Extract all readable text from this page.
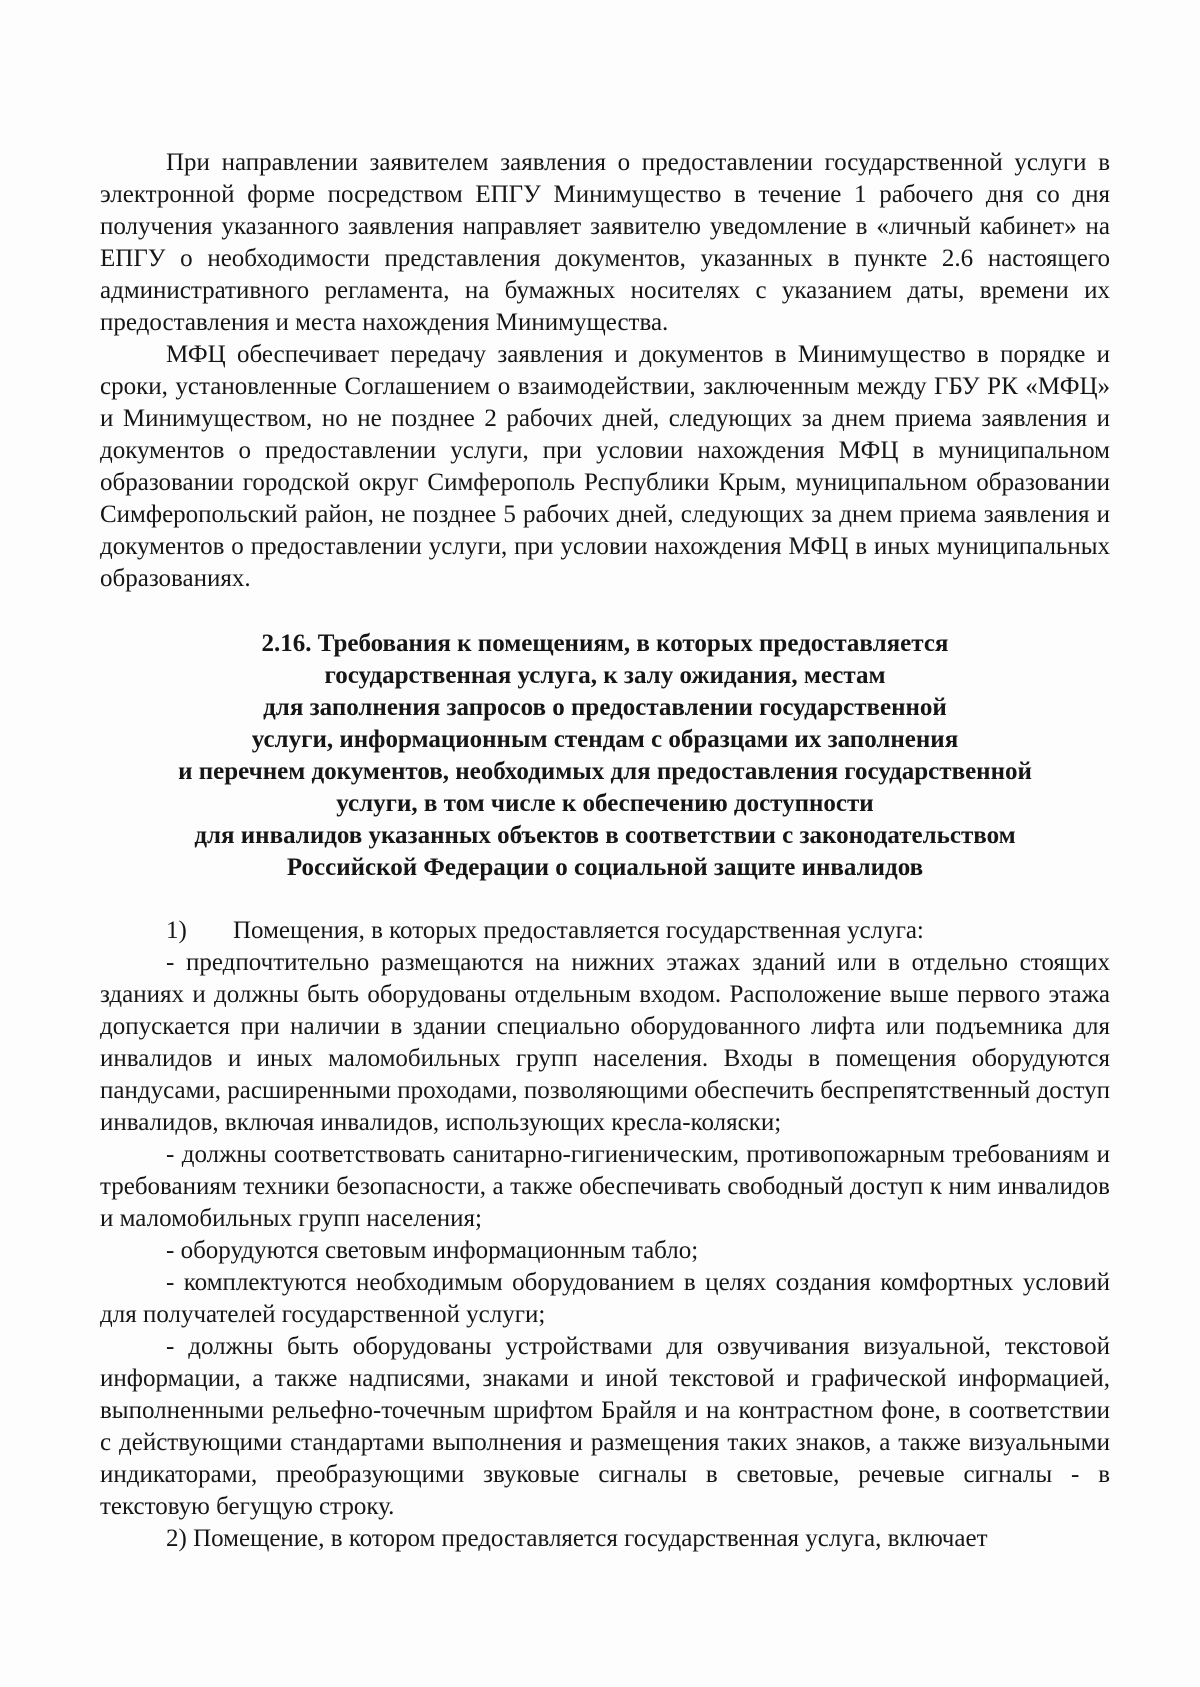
При направлении заявителем заявления о предоставлении государственной услуги в электронной форме посредством ЕПГУ Минимущество в течение 1 рабочего дня со дня получения указанного заявления направляет заявителю уведомление в «личный кабинет» на ЕПГУ о необходимости представления документов, указанных в пункте 2.6 настоящего административного регламента, на бумажных носителях с указанием даты, времени их предоставления и места нахождения Минимущества.

МФЦ обеспечивает передачу заявления и документов в Минимущество в порядке и сроки, установленные Соглашением о взаимодействии, заключенным между ГБУ РК «МФЦ» и Минимуществом, но не позднее 2 рабочих дней, следующих за днем приема заявления и документов о предоставлении услуги, при условии нахождения МФЦ в муниципальном образовании городской округ Симферополь Республики Крым, муниципальном образовании Симферопольский район, не позднее 5 рабочих дней, следующих за днем приема заявления и документов о предоставлении услуги, при условии нахождения МФЦ в иных муниципальных образованиях.

2.16. Требования к помещениям, в которых предоставляется
государственная услуга, к залу ожидания, местам
для заполнения запросов о предоставлении государственной
услуги, информационным стендам с образцами их заполнения
и перечнем документов, необходимых для предоставления государственной
услуги, в том числе к обеспечению доступности
для инвалидов указанных объектов в соответствии с законодательством
Российской Федерации о социальной защите инвалидов

1) Помещения, в которых предоставляется государственная услуга:

- предпочтительно размещаются на нижних этажах зданий или в отдельно стоящих зданиях и должны быть оборудованы отдельным входом. Расположение выше первого этажа допускается при наличии в здании специально оборудованного лифта или подъемника для инвалидов и иных маломобильных групп населения. Входы в помещения оборудуются пандусами, расширенными проходами, позволяющими обеспечить беспрепятственный доступ инвалидов, включая инвалидов, использующих кресла-коляски;

- должны соответствовать санитарно-гигиеническим, противопожарным требованиям и требованиям техники безопасности, а также обеспечивать свободный доступ к ним инвалидов и маломобильных групп населения;

- оборудуются световым информационным табло;

- комплектуются необходимым оборудованием в целях создания комфортных условий для получателей государственной услуги;

- должны быть оборудованы устройствами для озвучивания визуальной, текстовой информации, а также надписями, знаками и иной текстовой и графической информацией, выполненными рельефно-точечным шрифтом Брайля и на контрастном фоне, в соответствии с действующими стандартами выполнения и размещения таких знаков, а также визуальными индикаторами, преобразующими звуковые сигналы в световые, речевые сигналы - в текстовую бегущую строку.

2) Помещение, в котором предоставляется государственная услуга, включает
